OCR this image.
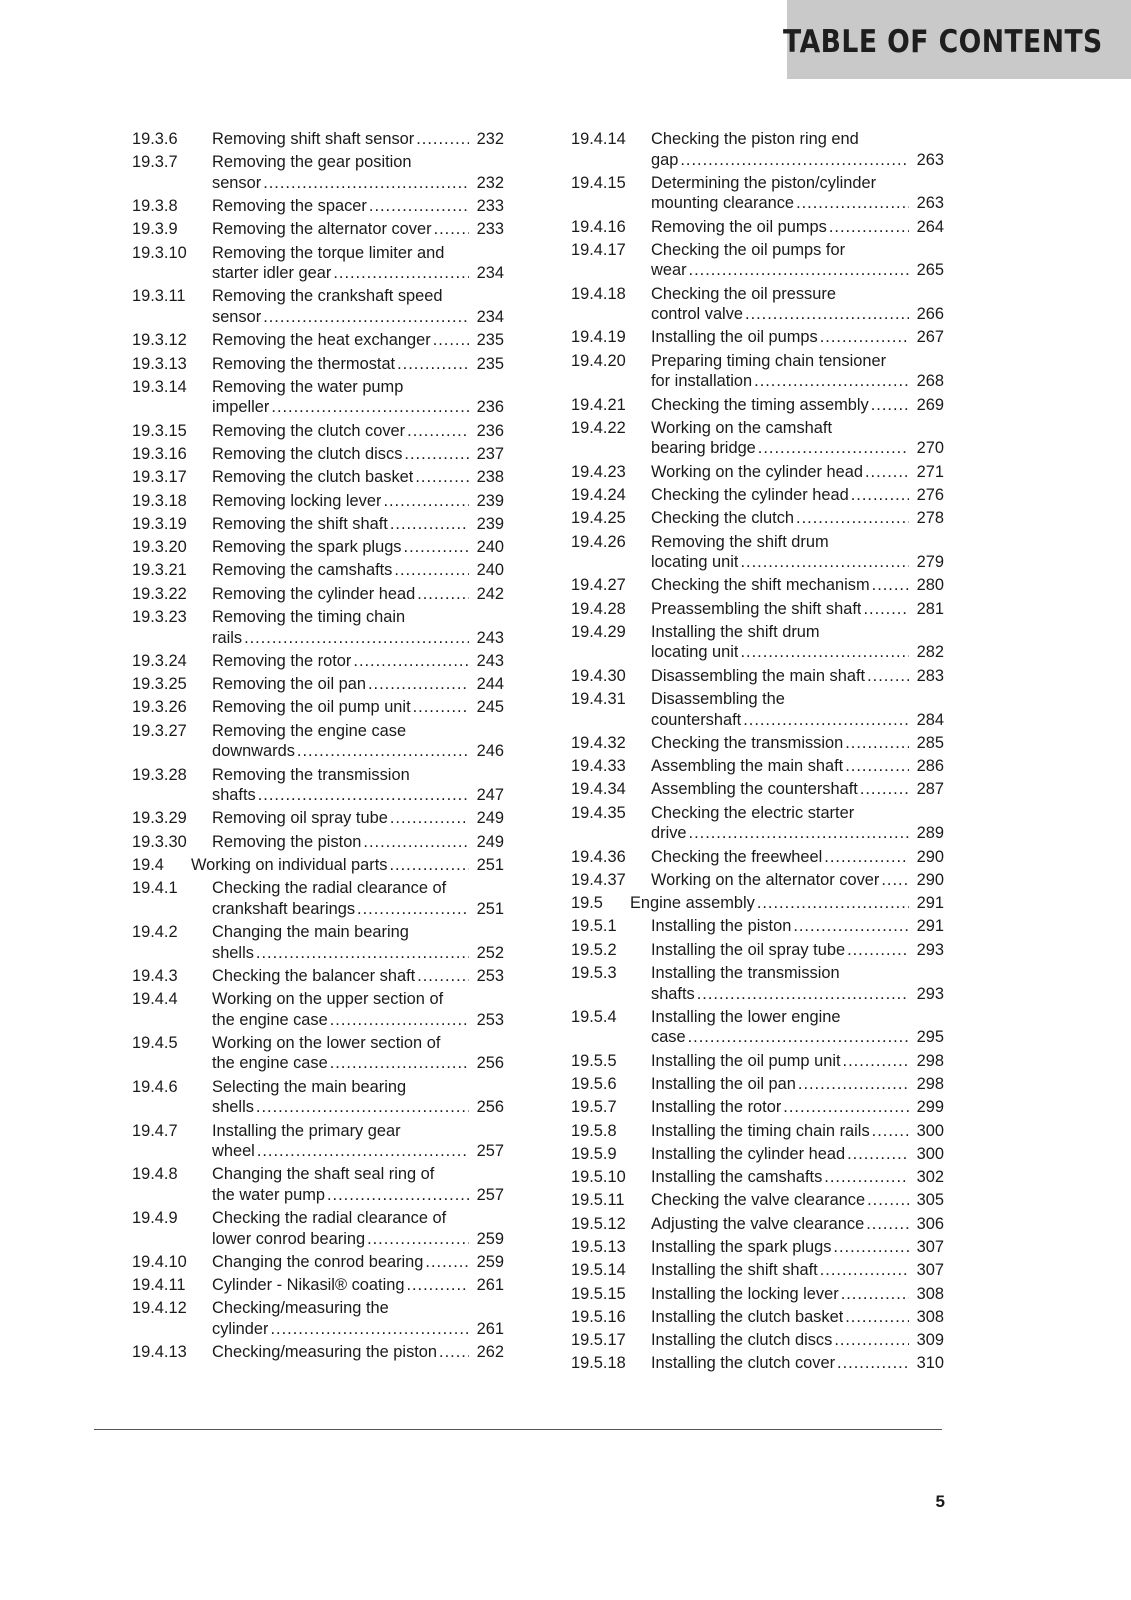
TABLE OF CONTENTS
19.3.6	Removing shift shaft sensor .....	232
19.3.7	Removing the gear position
sensor .....	232
19.3.8	Removing the spacer .....	233
19.3.9	Removing the alternator cover .....	233
19.3.10	Removing the torque limiter and
starter idler gear .....	234
19.3.11	Removing the crankshaft speed
sensor .....	234
19.3.12	Removing the heat exchanger .....	235
19.3.13	Removing the thermostat .....	235
19.3.14	Removing the water pump
impeller .....	236
19.3.15	Removing the clutch cover .....	236
19.3.16	Removing the clutch discs .....	237
19.3.17	Removing the clutch basket .....	238
19.3.18	Removing locking lever .....	239
19.3.19	Removing the shift shaft .....	239
19.3.20	Removing the spark plugs .....	240
19.3.21	Removing the camshafts .....	240
19.3.22	Removing the cylinder head .....	242
19.3.23	Removing the timing chain
rails .....	243
19.3.24	Removing the rotor .....	243
19.3.25	Removing the oil pan .....	244
19.3.26	Removing the oil pump unit .....	245
19.3.27	Removing the engine case
downwards .....	246
19.3.28	Removing the transmission
shafts .....	247
19.3.29	Removing oil spray tube .....	249
19.3.30	Removing the piston .....	249
19.4	Working on individual parts .....	251
19.4.1	Checking the radial clearance of
crankshaft bearings .....	251
19.4.2	Changing the main bearing
shells .....	252
19.4.3	Checking the balancer shaft .....	253
19.4.4	Working on the upper section of
the engine case .....	253
19.4.5	Working on the lower section of
the engine case .....	256
19.4.6	Selecting the main bearing
shells .....	256
19.4.7	Installing the primary gear
wheel .....	257
19.4.8	Changing the shaft seal ring of
the water pump .....	257
19.4.9	Checking the radial clearance of
lower conrod bearing .....	259
19.4.10	Changing the conrod bearing .....	259
19.4.11	Cylinder - Nikasil® coating .....	261
19.4.12	Checking/measuring the
cylinder .....	261
19.4.13	Checking/measuring the piston ..... 262
19.4.14	Checking the piston ring end
gap .....	263
19.4.15	Determining the piston/cylinder
mounting clearance .....	263
19.4.16	Removing the oil pumps .....	264
19.4.17	Checking the oil pumps for
wear .....	265
19.4.18	Checking the oil pressure
control valve .....	266
19.4.19	Installing the oil pumps .....	267
19.4.20	Preparing timing chain tensioner
for installation .....	268
19.4.21	Checking the timing assembly .....	269
19.4.22	Working on the camshaft
bearing bridge .....	270
19.4.23	Working on the cylinder head .....	271
19.4.24	Checking the cylinder head .....	276
19.4.25	Checking the clutch .....	278
19.4.26	Removing the shift drum
locating unit .....	279
19.4.27	Checking the shift mechanism .....	280
19.4.28	Preassembling the shift shaft .....	281
19.4.29	Installing the shift drum
locating unit .....	282
19.4.30	Disassembling the main shaft .....	283
19.4.31	Disassembling the
countershaft .....	284
19.4.32	Checking the transmission .....	285
19.4.33	Assembling the main shaft .....	286
19.4.34	Assembling the countershaft .....	287
19.4.35	Checking the electric starter
drive .....	289
19.4.36	Checking the freewheel .....	290
19.4.37	Working on the alternator cover ..... 290
19.5	Engine assembly .....	291
19.5.1	Installing the piston .....	291
19.5.2	Installing the oil spray tube .....	293
19.5.3	Installing the transmission
shafts .....	293
19.5.4	Installing the lower engine
case .....	295
19.5.5	Installing the oil pump unit .....	298
19.5.6	Installing the oil pan .....	298
19.5.7	Installing the rotor .....	299
19.5.8	Installing the timing chain rails .....	300
19.5.9	Installing the cylinder head .....	300
19.5.10	Installing the camshafts .....	302
19.5.11	Checking the valve clearance .....	305
19.5.12	Adjusting the valve clearance .....	306
19.5.13	Installing the spark plugs .....	307
19.5.14	Installing the shift shaft .....	307
19.5.15	Installing the locking lever .....	308
19.5.16	Installing the clutch basket .....	308
19.5.17	Installing the clutch discs .....	309
19.5.18	Installing the clutch cover .....	310
5
